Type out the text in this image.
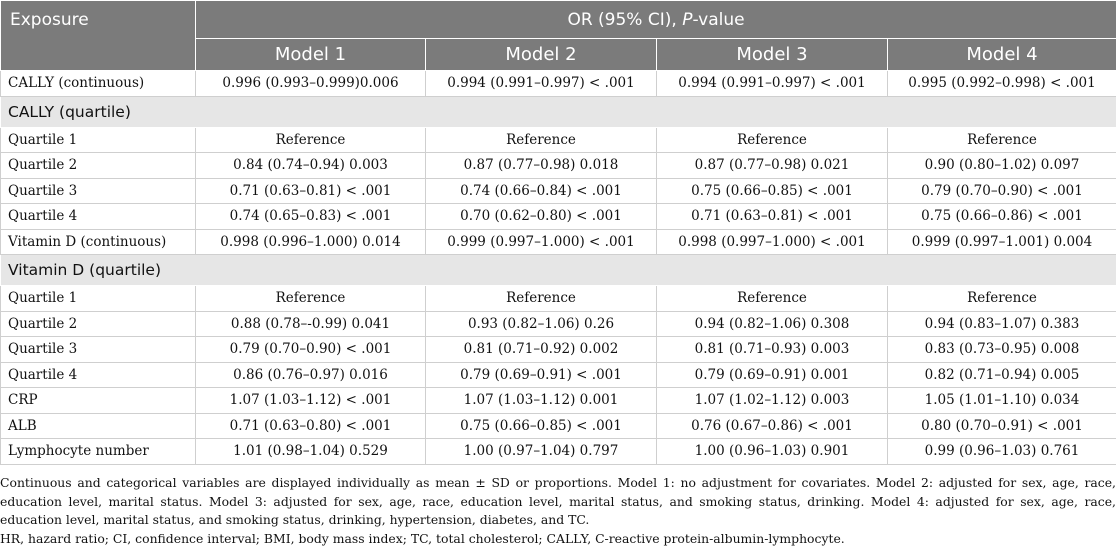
Exposure	OR (95% CI), P-value			
	Model 1	Model 2	Model 3	Model 4
CALLY (continuous)	0.996 (0.993–0.999)0.006	0.994 (0.991–0.997) < .001	0.994 (0.991–0.997) < .001	0.995 (0.992–0.998) < .001
CALLY (quartile)				
Quartile 1	Reference	Reference	Reference	Reference
Quartile 2	0.84 (0.74–0.94) 0.003	0.87 (0.77–0.98) 0.018	0.87 (0.77–0.98) 0.021	0.90 (0.80–1.02) 0.097
Quartile 3	0.71 (0.63–0.81) < .001	0.74 (0.66–0.84) < .001	0.75 (0.66–0.85) < .001	0.79 (0.70–0.90) < .001
Quartile 4	0.74 (0.65–0.83) < .001	0.70 (0.62–0.80) < .001	0.71 (0.63–0.81) < .001	0.75 (0.66–0.86) < .001
Vitamin D (continuous)	0.998 (0.996–1.000) 0.014	0.999 (0.997–1.000) < .001	0.998 (0.997–1.000) < .001	0.999 (0.997–1.001) 0.004
Vitamin D (quartile)				
Quartile 1	Reference	Reference	Reference	Reference
Quartile 2	0.88 (0.78–-0.99) 0.041	0.93 (0.82–1.06) 0.26	0.94 (0.82–1.06) 0.308	0.94 (0.83–1.07) 0.383
Quartile 3	0.79 (0.70–0.90) < .001	0.81 (0.71–0.92) 0.002	0.81 (0.71–0.93) 0.003	0.83 (0.73–0.95) 0.008
Quartile 4	0.86 (0.76–0.97) 0.016	0.79 (0.69–0.91) < .001	0.79 (0.69–0.91) 0.001	0.82 (0.71–0.94) 0.005
CRP	1.07 (1.03–1.12) < .001	1.07 (1.03–1.12) 0.001	1.07 (1.02–1.12) 0.003	1.05 (1.01–1.10) 0.034
ALB	0.71 (0.63–0.80) < .001	0.75 (0.66–0.85) < .001	0.76 (0.67–0.86) < .001	0.80 (0.70–0.91) < .001
Lymphocyte number	1.01 (0.98–1.04) 0.529	1.00 (0.97–1.04) 0.797	1.00 (0.96–1.03) 0.901	0.99 (0.96–1.03) 0.761

Continuous and categorical variables are displayed individually as mean ± SD or proportions. Model 1: no adjustment for covariates. Model 2: adjusted for sex, age, race, education level, marital status. Model 3: adjusted for sex, age, race, education level, marital status, and smoking status, drinking. Model 4: adjusted for sex, age, race, education level, marital status, and smoking status, drinking, hypertension, diabetes, and TC.

HR, hazard ratio; CI, confidence interval; BMI, body mass index; TC, total cholesterol; CALLY, C-reactive protein-albumin-lymphocyte.
